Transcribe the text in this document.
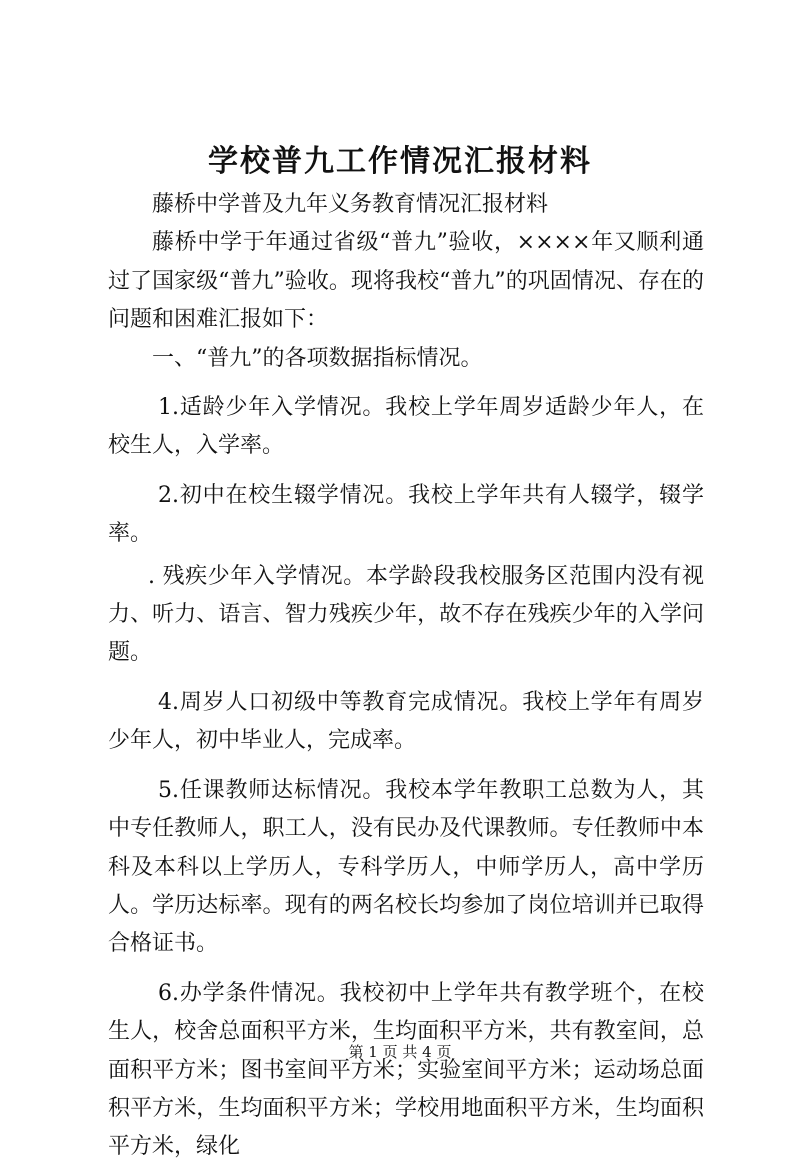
学校普九工作情况汇报材料

藤桥中学普及九年义务教育情况汇报材料

藤桥中学于年通过省级“普九”验收，××××年又顺利通过了国家级“普九”验收。现将我校“普九”的巩固情况、存在的问题和困难汇报如下：

一、“普九”的各项数据指标情况。

1.适龄少年入学情况。我校上学年周岁适龄少年人，在校生人，入学率。

2.初中在校生辍学情况。我校上学年共有人辍学，辍学率。

. 残疾少年入学情况。本学龄段我校服务区范围内没有视力、听力、语言、智力残疾少年，故不存在残疾少年的入学问题。

4.周岁人口初级中等教育完成情况。我校上学年有周岁少年人，初中毕业人，完成率。

5.任课教师达标情况。我校本学年教职工总数为人，其中专任教师人，职工人，没有民办及代课教师。专任教师中本科及本科以上学历人，专科学历人，中师学历人，高中学历人。学历达标率。现有的两名校长均参加了岗位培训并已取得合格证书。

6.办学条件情况。我校初中上学年共有教学班个，在校生人，校舍总面积平方米，生均面积平方米，共有教室间，总面积平方米；图书室间平方米；实验室间平方米；运动场总面积平方米，生均面积平方米；学校用地面积平方米，生均面积平方米，绿化

第 1 页 共 4 页
